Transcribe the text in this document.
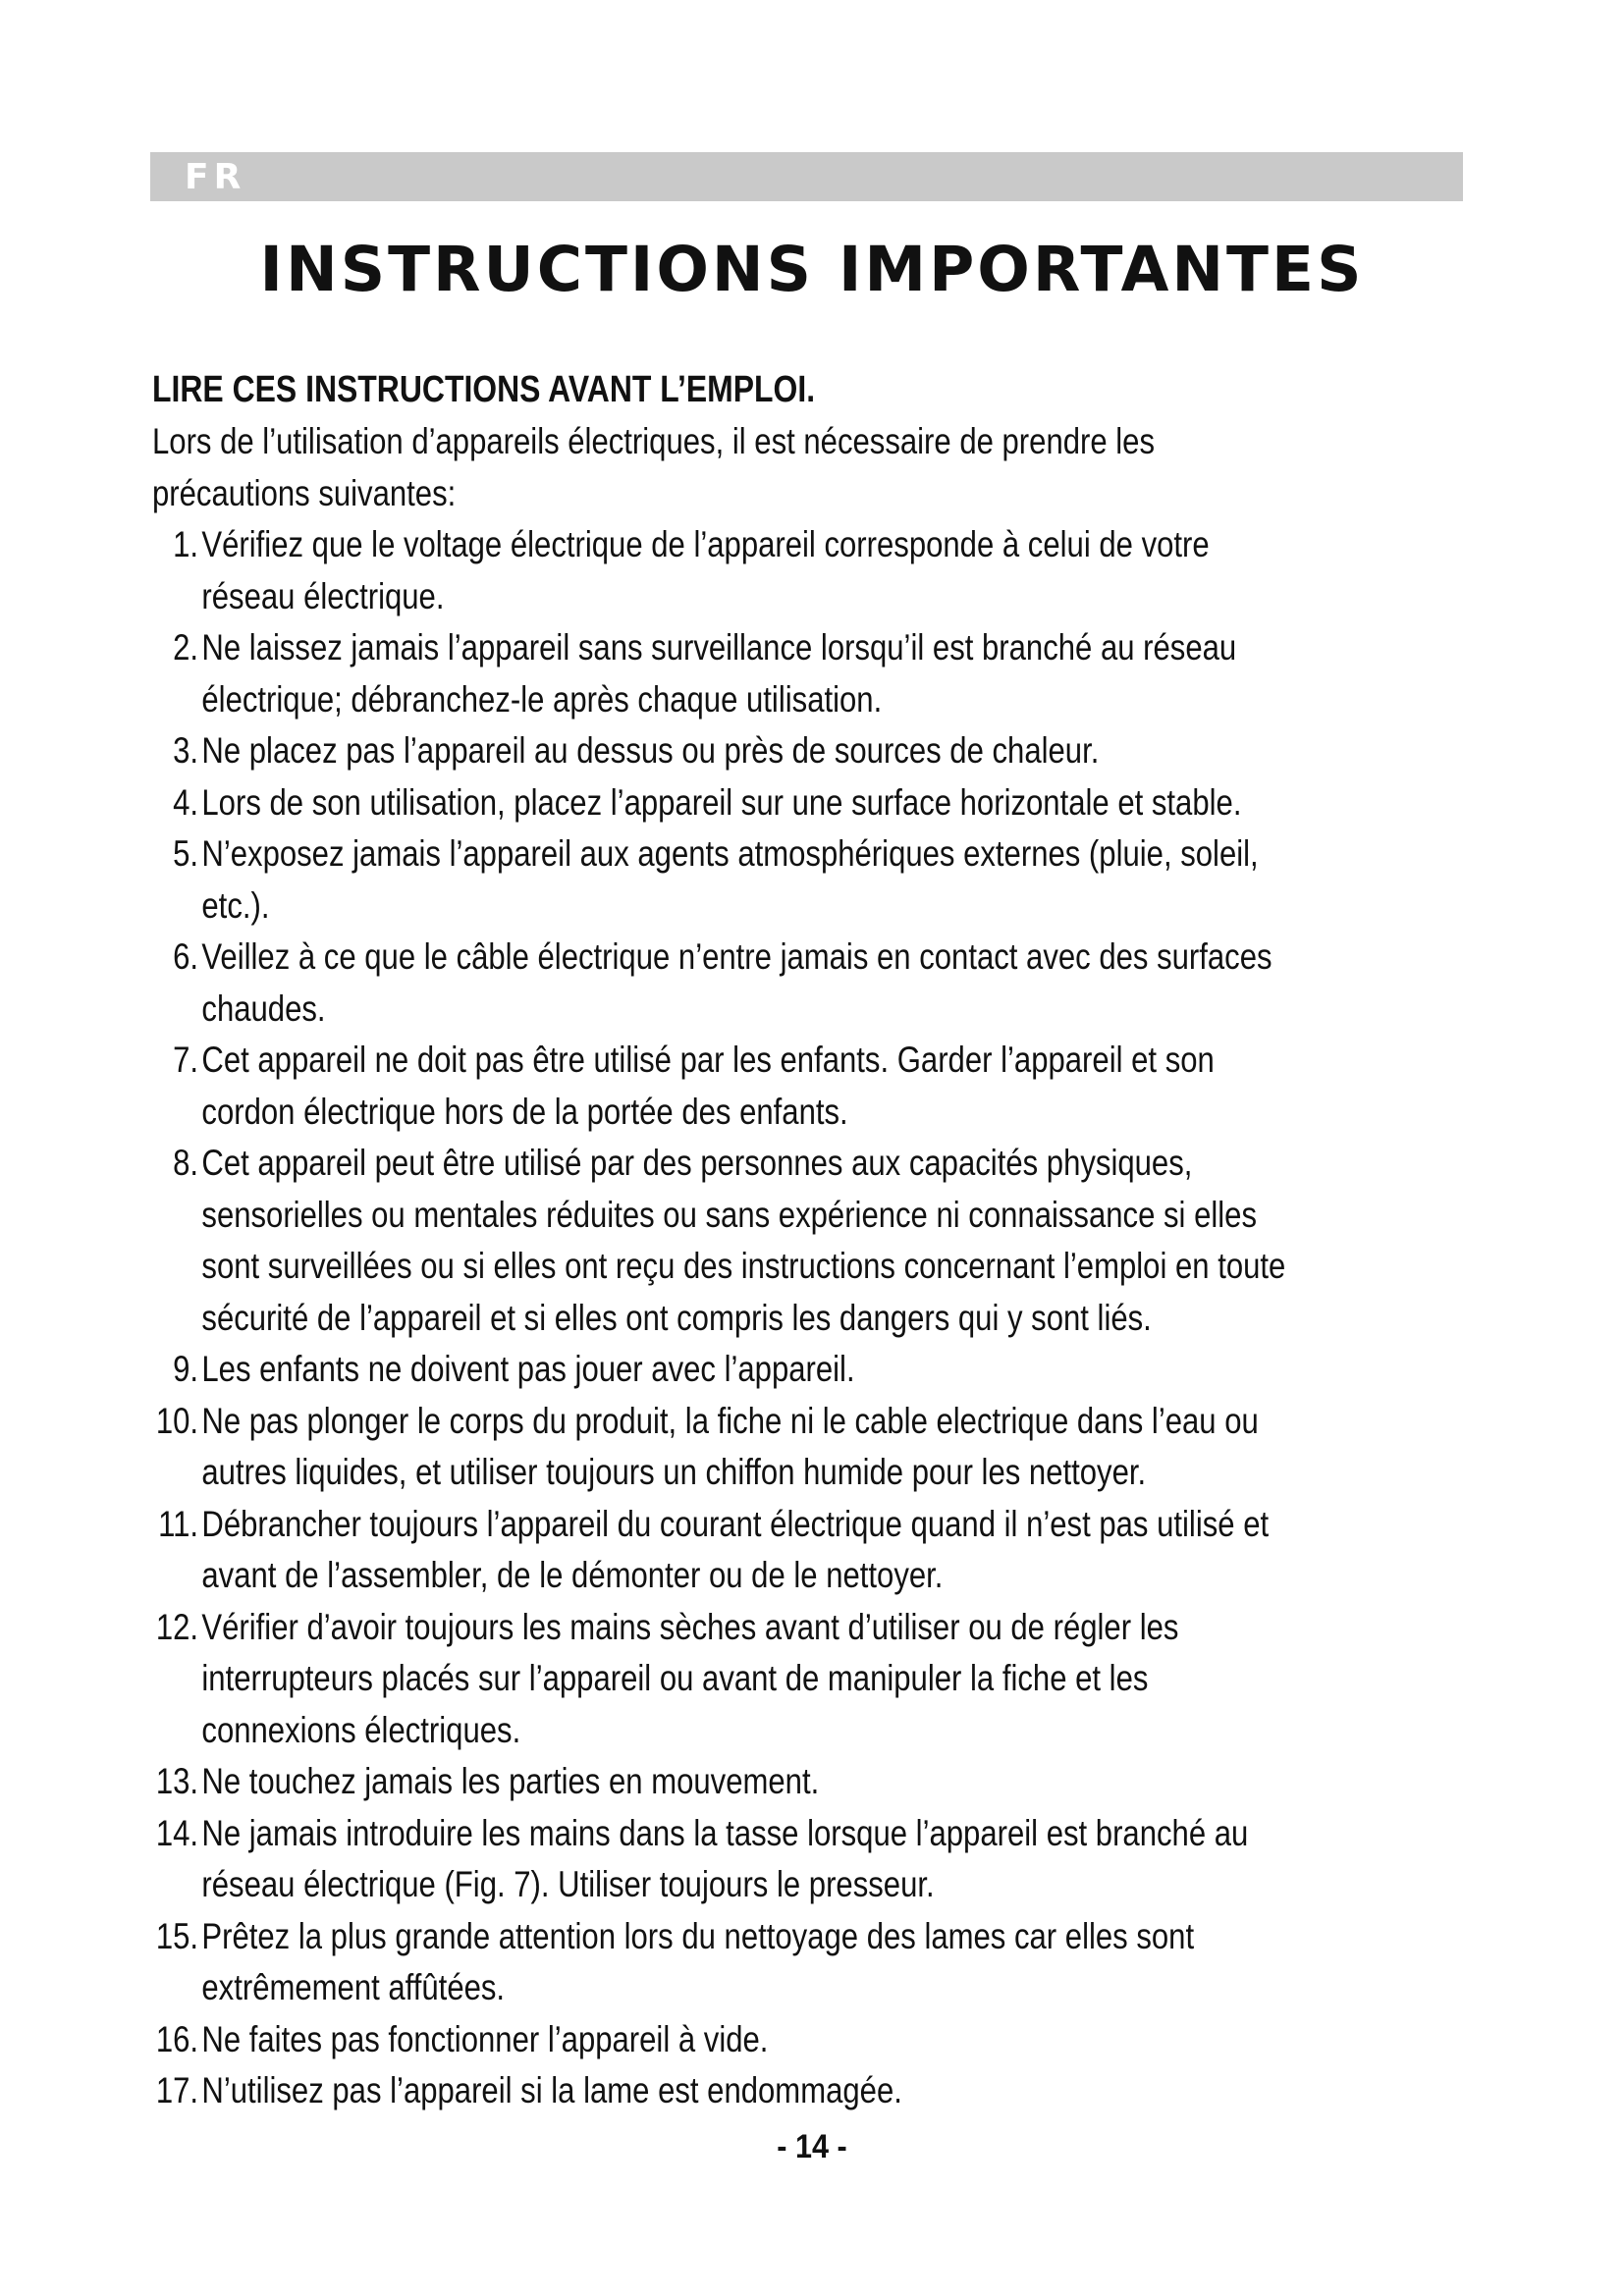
FR
INSTRUCTIONS IMPORTANTES

LIRE CES INSTRUCTIONS AVANT L’EMPLOI.

Lors de l’utilisation d’appareils électriques, il est nécessaire de prendre les précautions suivantes:

1. Vérifiez que le voltage électrique de l’appareil corresponde à celui de votre réseau électrique.
2. Ne laissez jamais l’appareil sans surveillance lorsqu’il est branché au réseau électrique; débranchez-le après chaque utilisation.
3. Ne placez pas l’appareil au dessus ou près de sources de chaleur.
4. Lors de son utilisation, placez l’appareil sur une surface horizontale et stable.
5. N’exposez jamais l’appareil aux agents atmosphériques externes (pluie, soleil, etc.).
6. Veillez à ce que le câble électrique n’entre jamais en contact avec des surfaces chaudes.
7. Cet appareil ne doit pas être utilisé par les enfants. Garder l’appareil et son cordon électrique hors de la portée des enfants.
8. Cet appareil peut être utilisé par des personnes aux capacités physiques, sensorielles ou mentales réduites ou sans expérience ni connaissance si elles sont surveillées ou si elles ont reçu des instructions concernant l’emploi en toute sécurité de l’appareil et si elles ont compris les dangers qui y sont liés.
9. Les enfants ne doivent pas jouer avec l’appareil.
10. Ne pas plonger le corps du produit, la fiche ni le cable electrique dans l’eau ou autres liquides, et utiliser toujours un chiffon humide pour les nettoyer.
11. Débrancher toujours l’appareil du courant électrique quand il n’est pas utilisé et avant de l’assembler, de le démonter ou de le nettoyer.
12. Vérifier d’avoir toujours les mains sèches avant d’utiliser ou de régler les interrupteurs placés sur l’appareil ou avant de manipuler la fiche et les connexions électriques.
13. Ne touchez jamais les parties en mouvement.
14. Ne jamais introduire les mains dans la tasse lorsque l’appareil est branché au réseau électrique (Fig. 7). Utiliser toujours le presseur.
15. Prêtez la plus grande attention lors du nettoyage des lames car elles sont extrêmement affûtées.
16. Ne faites pas fonctionner l’appareil à vide.
17. N’utilisez pas l’appareil si la lame est endommagée.
- 14 -
